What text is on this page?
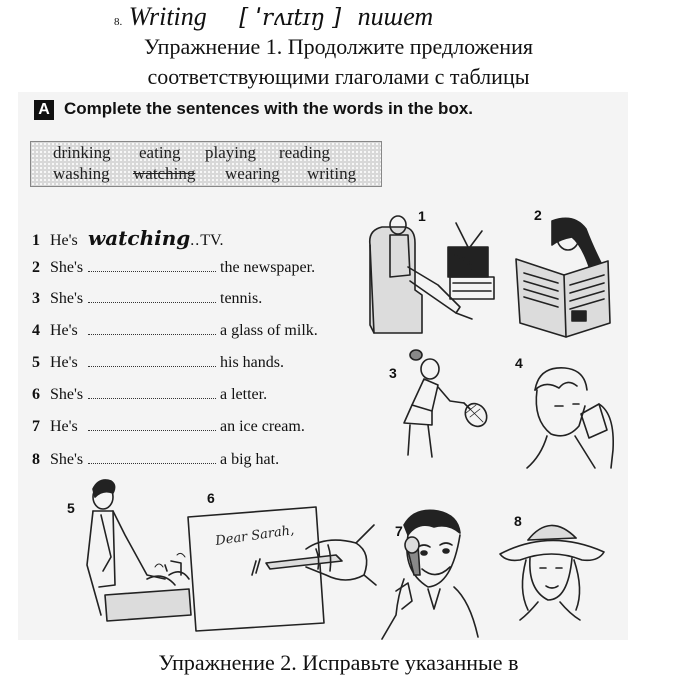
8. Writing [ ˈrʌɪtɪŋ ] пишет
Упражнение 1. Продолжите предложения
соответствующими глаголами с таблицы
A Complete the sentences with the words in the box.
drinking eating playing reading
washing watching wearing writing
1 He's watching..TV.
2 She's	the newspaper.
3 She's	tennis.
4 He's	a glass of milk.
5 He's	his hands.
6 She's	a letter.
7 He's	an ice cream.
8 She's	a big hat.
1	2
3
4
5
6
7
8
Dear Sarah,
Упражнение 2. Исправьте указанные в
